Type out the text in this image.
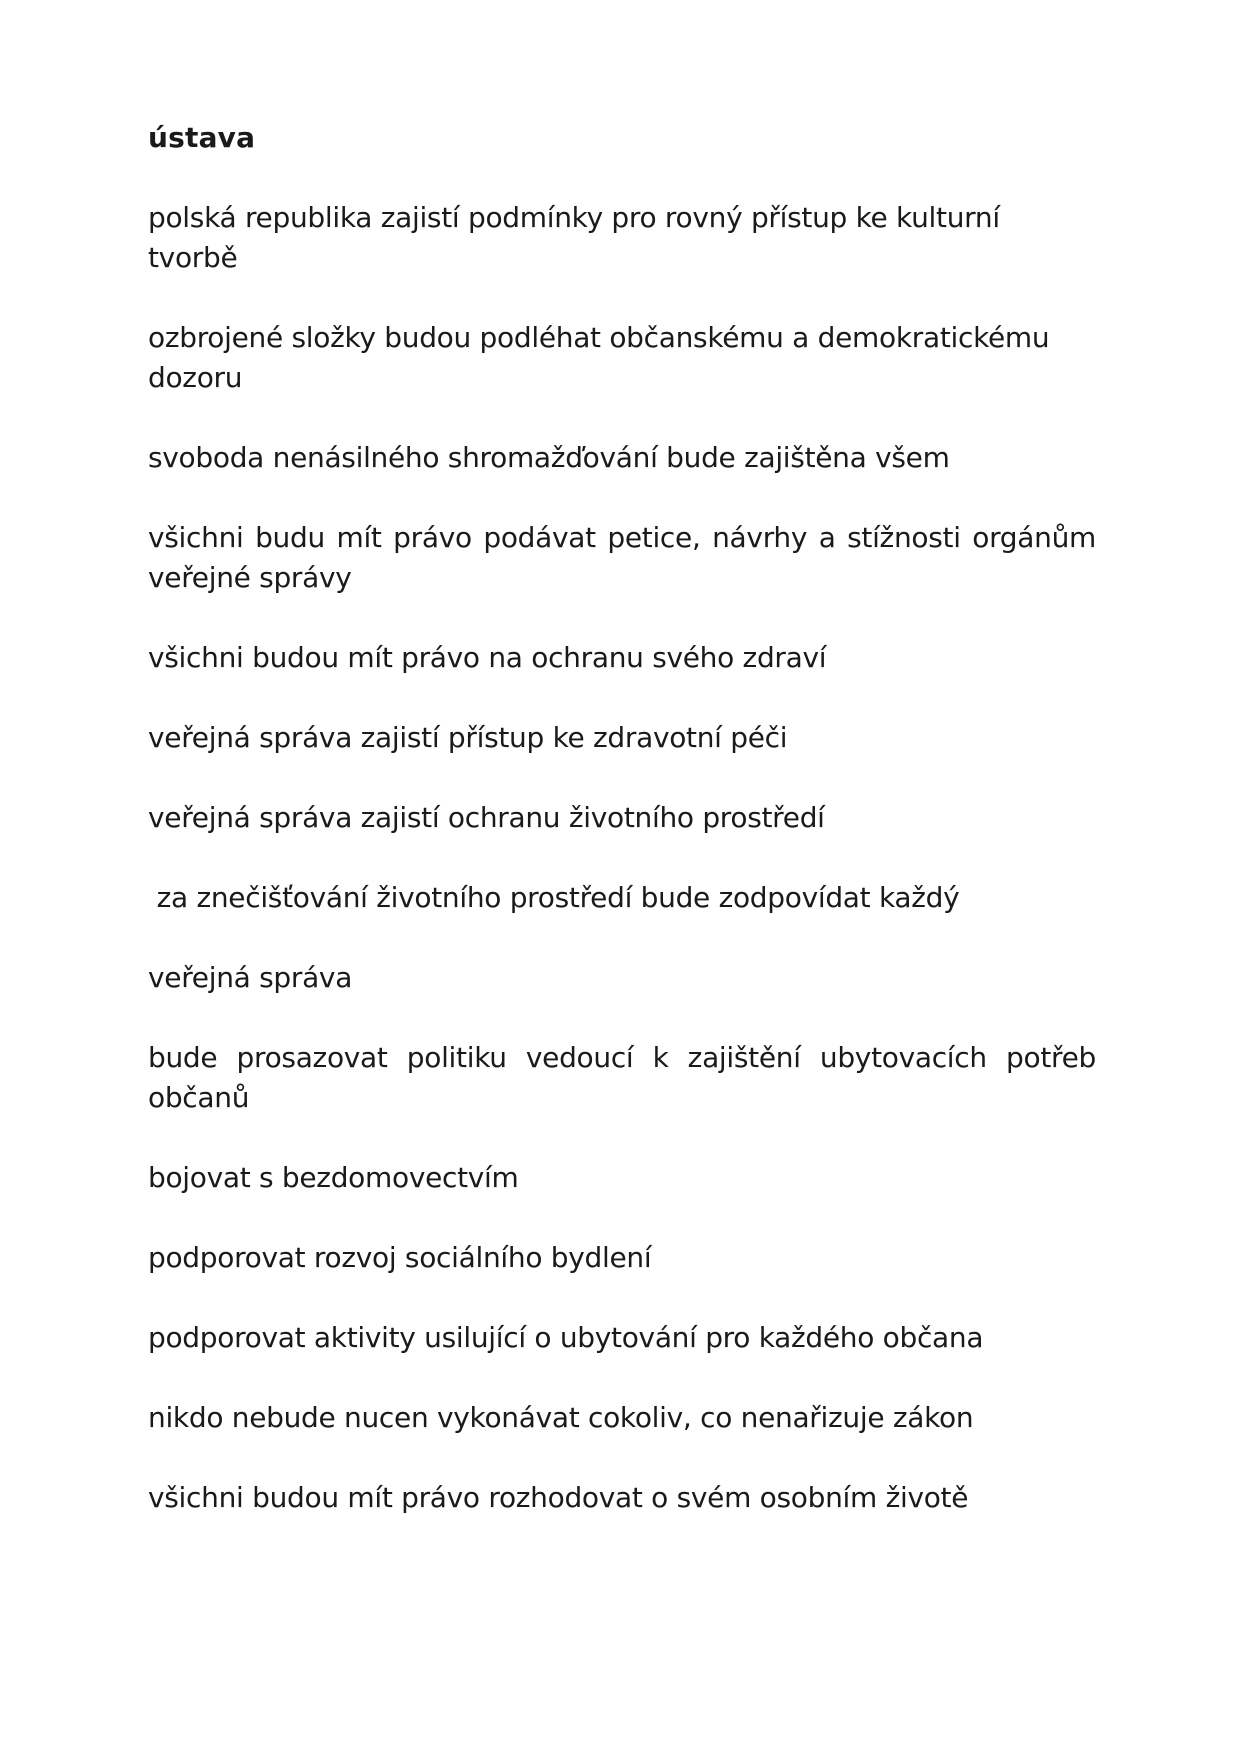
ústava
polská republika zajistí podmínky pro rovný přístup ke kulturní tvorbě
ozbrojené složky budou podléhat občanskému a demokratickému dozoru
svoboda nenásilného shromažďování bude zajištěna všem
všichni budu mít právo podávat petice, návrhy a stížnosti orgánům veřejné správy
všichni budou mít právo na ochranu svého zdraví
veřejná správa zajistí přístup ke zdravotní péči
veřejná správa zajistí ochranu životního prostředí
za znečišťování životního prostředí bude zodpovídat každý
veřejná správa
bude prosazovat politiku vedoucí k zajištění ubytovacích potřeb občanů
bojovat s bezdomovectvím
podporovat rozvoj sociálního bydlení
podporovat aktivity usilující o ubytování pro každého občana
nikdo nebude nucen vykonávat cokoliv, co nenařizuje zákon
všichni budou mít právo rozhodovat o svém osobním životě
